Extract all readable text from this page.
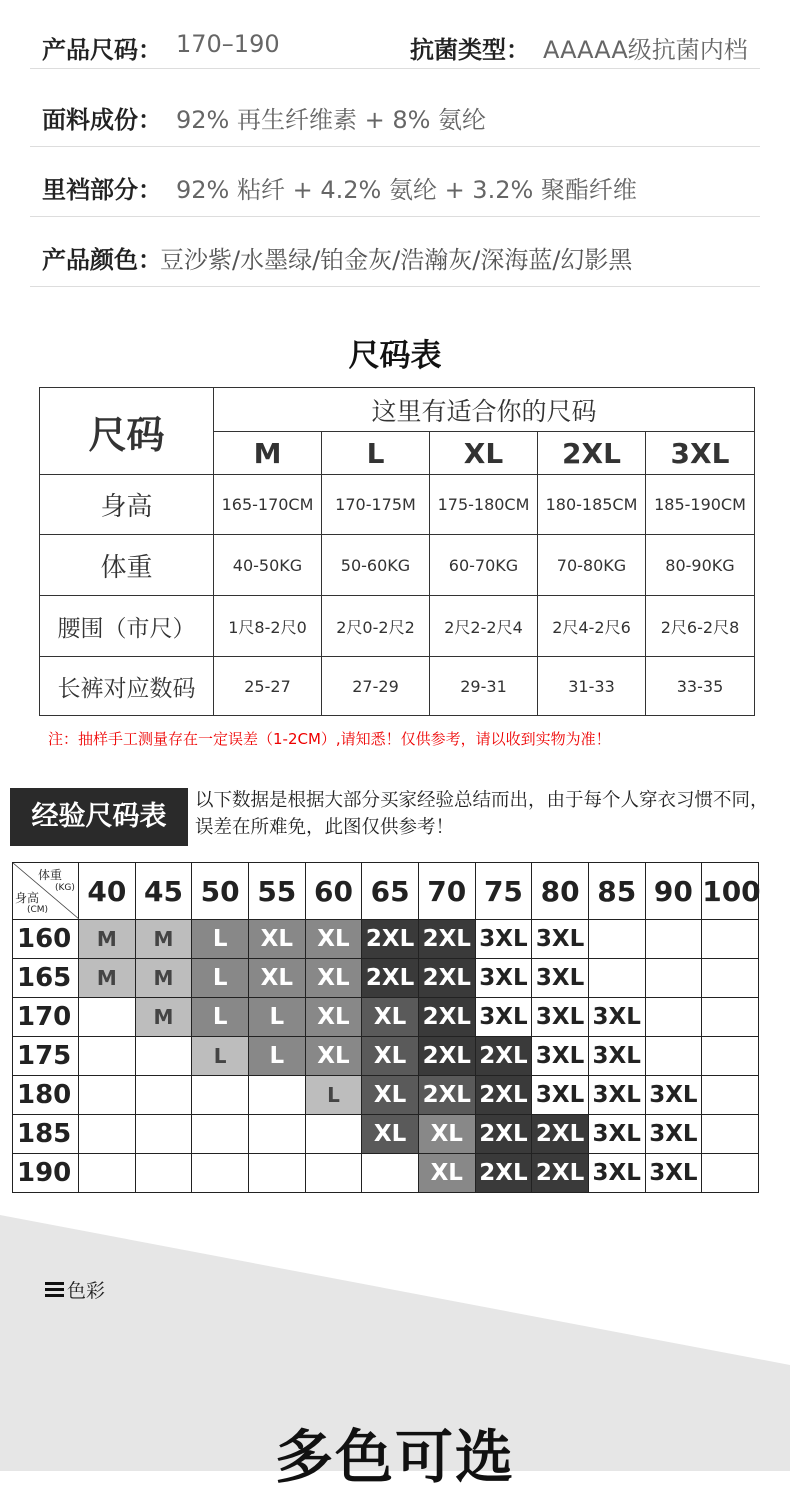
产品尺码： 170–190	抗菌类型： AAAAA级抗菌内档
面料成份： 92% 再生纤维素 + 8% 氨纶
里裆部分： 92% 粘纤 + 4.2% 氨纶 + 3.2% 聚酯纤维
产品颜色：
豆沙紫/水墨绿/铂金灰/浩瀚灰/深海蓝/幻影黑
尺码表
尺码	这里有适合你的尺码				
	M	L	XL	2XL	3XL
身高	165-170CM	170-175M	175-180CM	180-185CM	185-190CM
体重	40-50KG	50-60KG	60-70KG	70-80KG	80-90KG
腰围（市尺）	1尺8-2尺0	2尺0-2尺2	2尺2-2尺4	2尺4-2尺6	2尺6-2尺8
长裤对应数码	25-27	27-29	29-31	31-33	33-35
注：抽样手工测量存在一定误差（1-2CM）,请知悉！仅供参考，请以收到实物为准！
经验尺码表
以下数据是根据大部分买家经验总结而出，由于每个人穿衣习惯不同，误差在所难免，此图仅供参考！
体重
(KG)
身高
(CM)	40	45	50	55	60	65	70	75	80	85	90	100
160	M	M	L	XL	XL	2XL	2XL	3XL	3XL			
165	M	M	L	XL	XL	2XL	2XL	3XL	3XL			
170		M	L	L	XL	XL	2XL	3XL	3XL	3XL		
175			L	L	XL	XL	2XL	2XL	3XL	3XL		
180					L	XL	2XL	2XL	3XL	3XL	3XL	
185						XL	XL	2XL	2XL	3XL	3XL	
190							XL	2XL	2XL	3XL	3XL	
色彩
多色可选
